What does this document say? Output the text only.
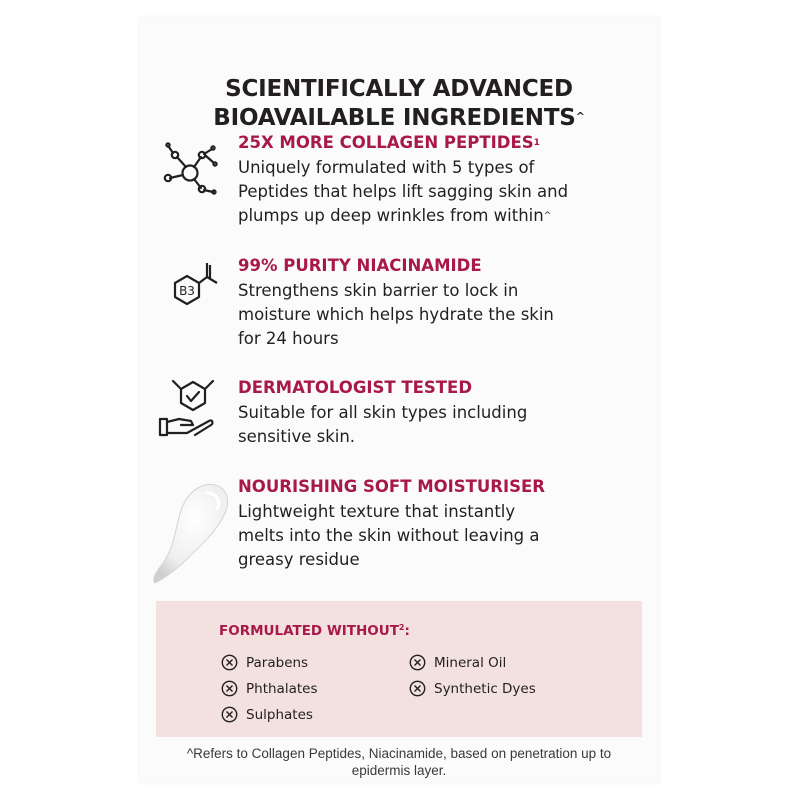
SCIENTIFICALLY ADVANCED
BIOAVAILABLE INGREDIENTS^
25X MORE COLLAGEN PEPTIDES$^1$
Uniquely formulated with 5 types of
Peptides that helps lift sagging skin and
plumps up deep wrinkles from within^
B3
99% PURITY NIACINAMIDE
Strengthens skin barrier to lock in
moisture which helps hydrate the skin
for 24 hours
DERMATOLOGIST TESTED
Suitable for all skin types including
sensitive skin.
NOURISHING SOFT MOISTURISER
Lightweight texture that instantly
melts into the skin without leaving a
greasy residue
FORMULATED WITHOUT$^2$:
Parabens	Mineral Oil
Phthalates	Synthetic Dyes
Sulphates
^Refers to Collagen Peptides, Niacinamide, based on penetration up to
epidermis layer.
